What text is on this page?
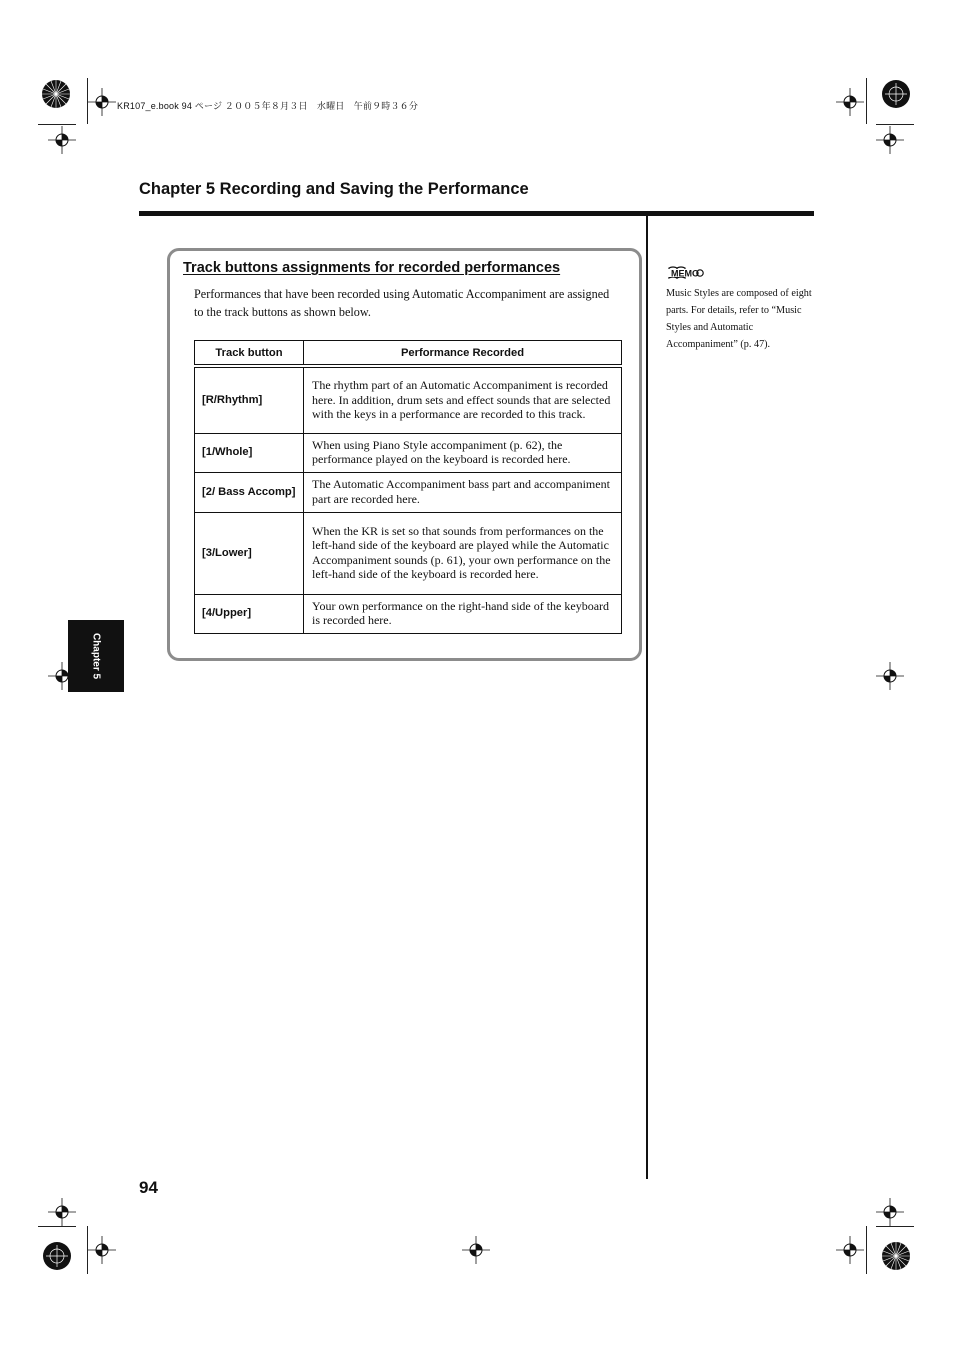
KR107_e.book 94 ページ ２００５年８月３日　水曜日　午前９時３６分
Chapter 5 Recording and Saving the Performance
Track buttons assignments for recorded performances
Performances that have been recorded using Automatic Accompaniment are assigned to the track buttons as shown below.
Track button	Performance Recorded
[R/Rhythm]	The rhythm part of an Automatic Accompaniment is recorded here. In addition, drum sets and effect sounds that are selected with the keys in a performance are recorded to this track.
[1/Whole]	When using Piano Style accompaniment (p. 62), the performance played on the keyboard is recorded here.
[2/ Bass Accomp]	The Automatic Accompaniment bass part and accompaniment part are recorded here.
[3/Lower]	When the KR is set so that sounds from performances on the left-hand side of the keyboard are played while the Automatic Accompaniment sounds (p. 61), your own performance on the left-hand side of the keyboard is recorded here.
[4/Upper]	Your own performance on the right-hand side of the keyboard is recorded here.
MEMO
Music Styles are composed of eight parts. For details, refer to “Music Styles and Automatic Accompaniment” (p. 47).
Chapter 5
94
